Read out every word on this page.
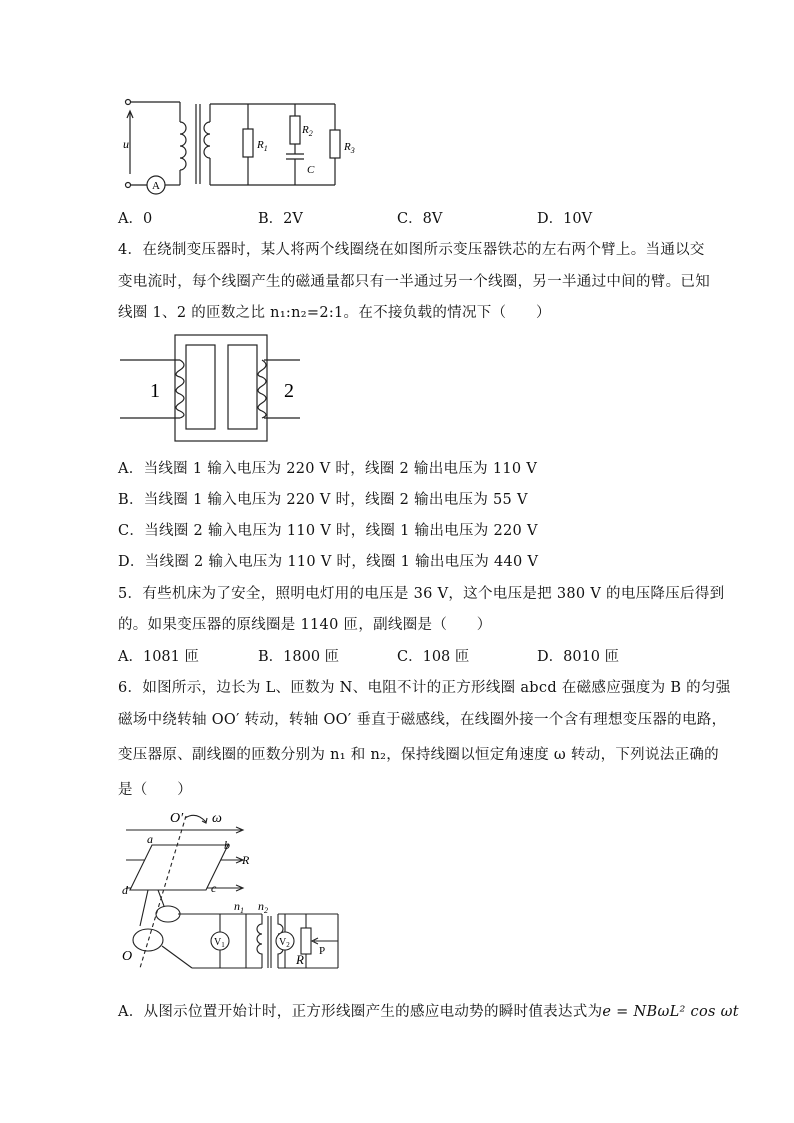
u
A
$R_1$
$R_2$
C
$R_3$
A．0	B．2V	C．8V	D．10V
4．在绕制变压器时，某人将两个线圈绕在如图所示变压器铁芯的左右两个臂上。当通以交
变电流时，每个线圈产生的磁通量都只有一半通过另一个线圈，另一半通过中间的臂。已知
线圈 1、2 的匝数之比 n₁:n₂=2:1。在不接负载的情况下（　　）
1	2
A．当线圈 1 输入电压为 220 V 时，线圈 2 输出电压为 110 V
B．当线圈 1 输入电压为 220 V 时，线圈 2 输出电压为 55 V
C．当线圈 2 输入电压为 110 V 时，线圈 1 输出电压为 220 V
D．当线圈 2 输入电压为 110 V 时，线圈 1 输出电压为 440 V
5．有些机床为了安全，照明电灯用的电压是 36 V，这个电压是把 380 V 的电压降压后得到
的。如果变压器的原线圈是 1140 匝，副线圈是（　　）
A．1081 匝	B．1800 匝	C．108 匝	D．8010 匝
6．如图所示，边长为 L、匝数为 N、电阻不计的正方形线圈 abcd 在磁感应强度为 B 的匀强
磁场中绕转轴 OO′ 转动，转轴 OO′ 垂直于磁感线，在线圈外接一个含有理想变压器的电路，
变压器原、副线圈的匝数分别为 n₁ 和 n₂，保持线圈以恒定角速度 ω 转动，下列说法正确的
是（　　）
O′ ω
a	b
R
c
d
O
$n_1$ $n_2$
$V_1$	$V_2$
R
P
A．从图示位置开始计时，正方形线圈产生的感应电动势的瞬时值表达式为e = NBωL² cos ωt
